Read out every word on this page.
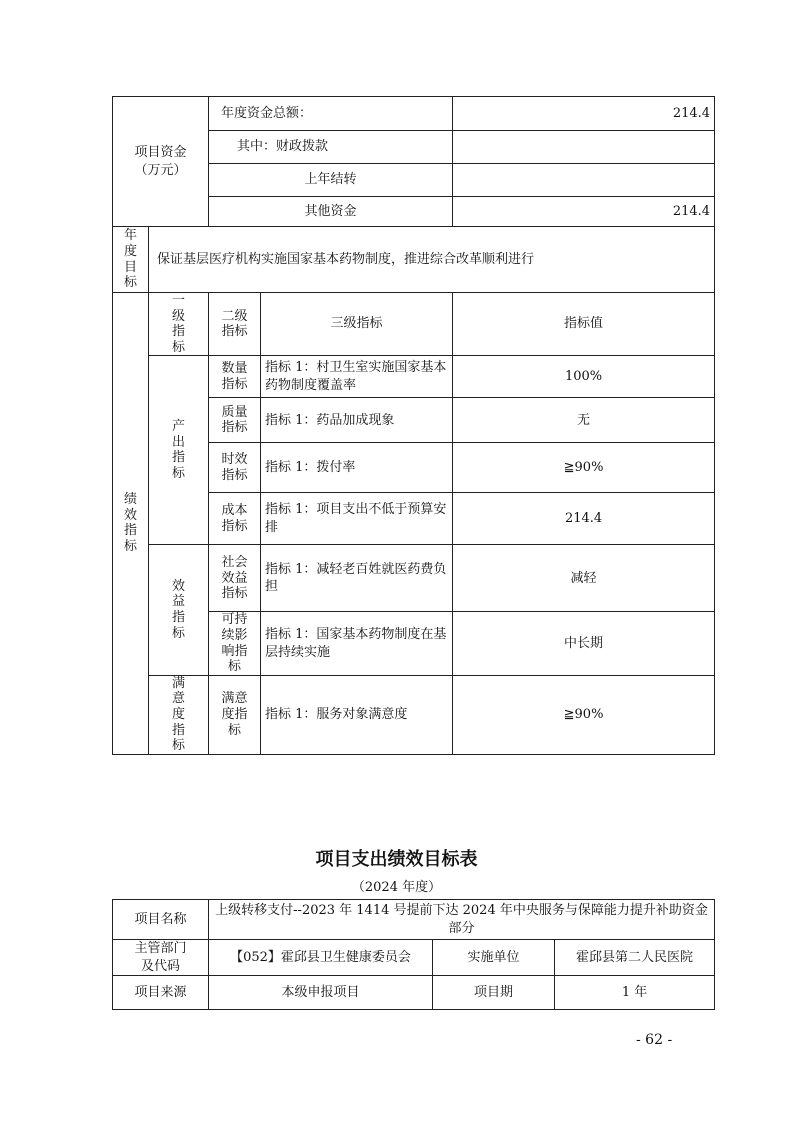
项目资金（万元）		年度资金总额：		214.4
		其中：财政拨款		
		上年结转		
		其他资金		214.4
年度目标	保证基层医疗机构实施国家基本药物制度，推进综合改革顺利进行			
绩效指标	一级指标	二级指标	三级指标	指标值
	产出指标	数量指标	指标 1：村卫生室实施国家基本药物制度覆盖率	100%
		质量指标	指标 1：药品加成现象	无
		时效指标	指标 1：拨付率	≧90%
		成本指标	指标 1：项目支出不低于预算安排	214.4
	效益指标	社会效益指标	指标 1：减轻老百姓就医药费负担	减轻
		可持续影响指标	指标 1：国家基本药物制度在基层持续实施	中长期
	满意度指标	满意度指标	指标 1：服务对象满意度	≧90%
项目支出绩效目标表
（2024 年度）
项目名称	上级转移支付--2023 年 1414 号提前下达 2024 年中央服务与保障能力提升补助资金部分		
主管部门及代码	【052】霍邱县卫生健康委员会	实施单位	霍邱县第二人民医院
项目来源	本级申报项目	项目期	1 年
- 62 -
